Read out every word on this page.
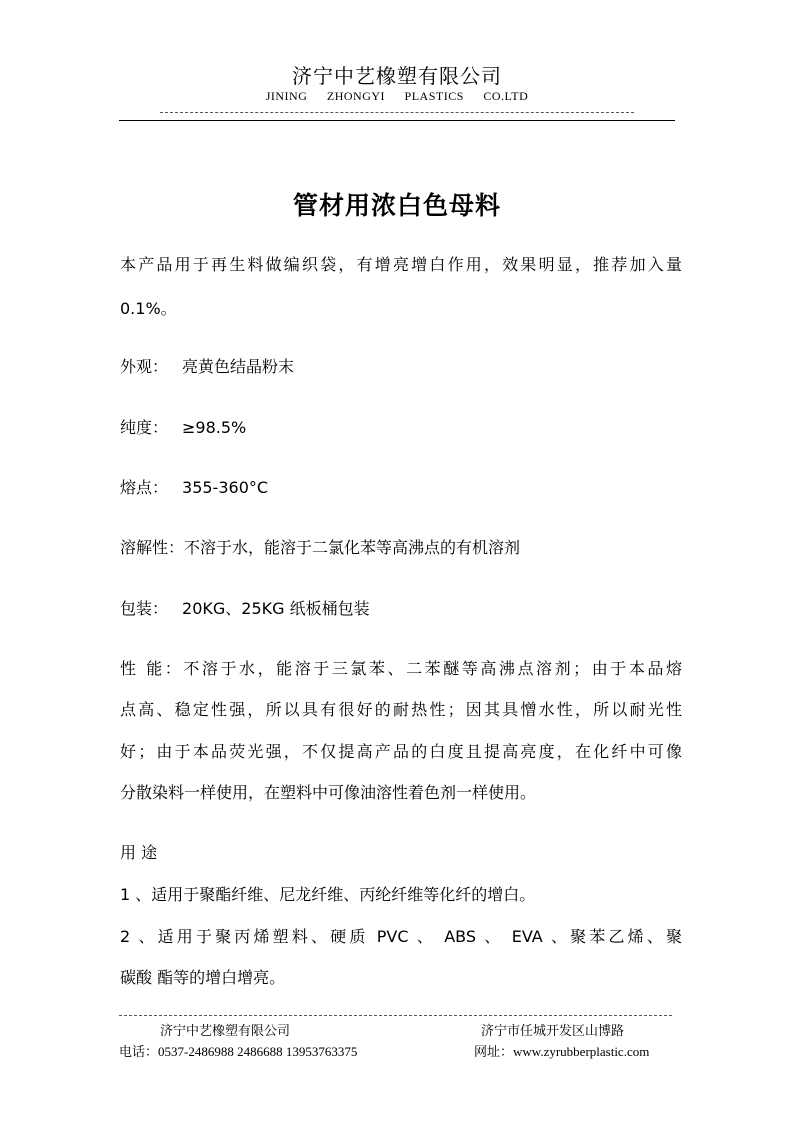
济宁中艺橡塑有限公司
JINING ZHONGYI PLASTICS CO.LTD
管材用浓白色母料
本产品用于再生料做编织袋，有增亮增白作用，效果明显，推荐加入量
0.1%。
外观： 亮黄色结晶粉末
纯度： ≥98.5%
熔点： 355-360°C
溶解性：不溶于水，能溶于二氯化苯等高沸点的有机溶剂
包装： 20KG、25KG 纸板桶包装
性 能：不溶于水，能溶于三氯苯、二苯醚等高沸点溶剂；由于本品熔
点高、稳定性强，所以具有很好的耐热性；因其具憎水性，所以耐光性
好；由于本品荧光强，不仅提高产品的白度且提高亮度，在化纤中可像
分散染料一样使用，在塑料中可像油溶性着色剂一样使用。
用 途
1 、适用于聚酯纤维、尼龙纤维、丙纶纤维等化纤的增白。
2 、适用于聚丙烯塑料、硬质 PVC 、 ABS 、 EVA 、聚苯乙烯、聚
碳酸 酯等的增白增亮。
济宁中艺橡塑有限公司	济宁市任城开发区山博路
电话：0537-2486988 2486688 13953763375	网址：www.zyrubberplastic.com
